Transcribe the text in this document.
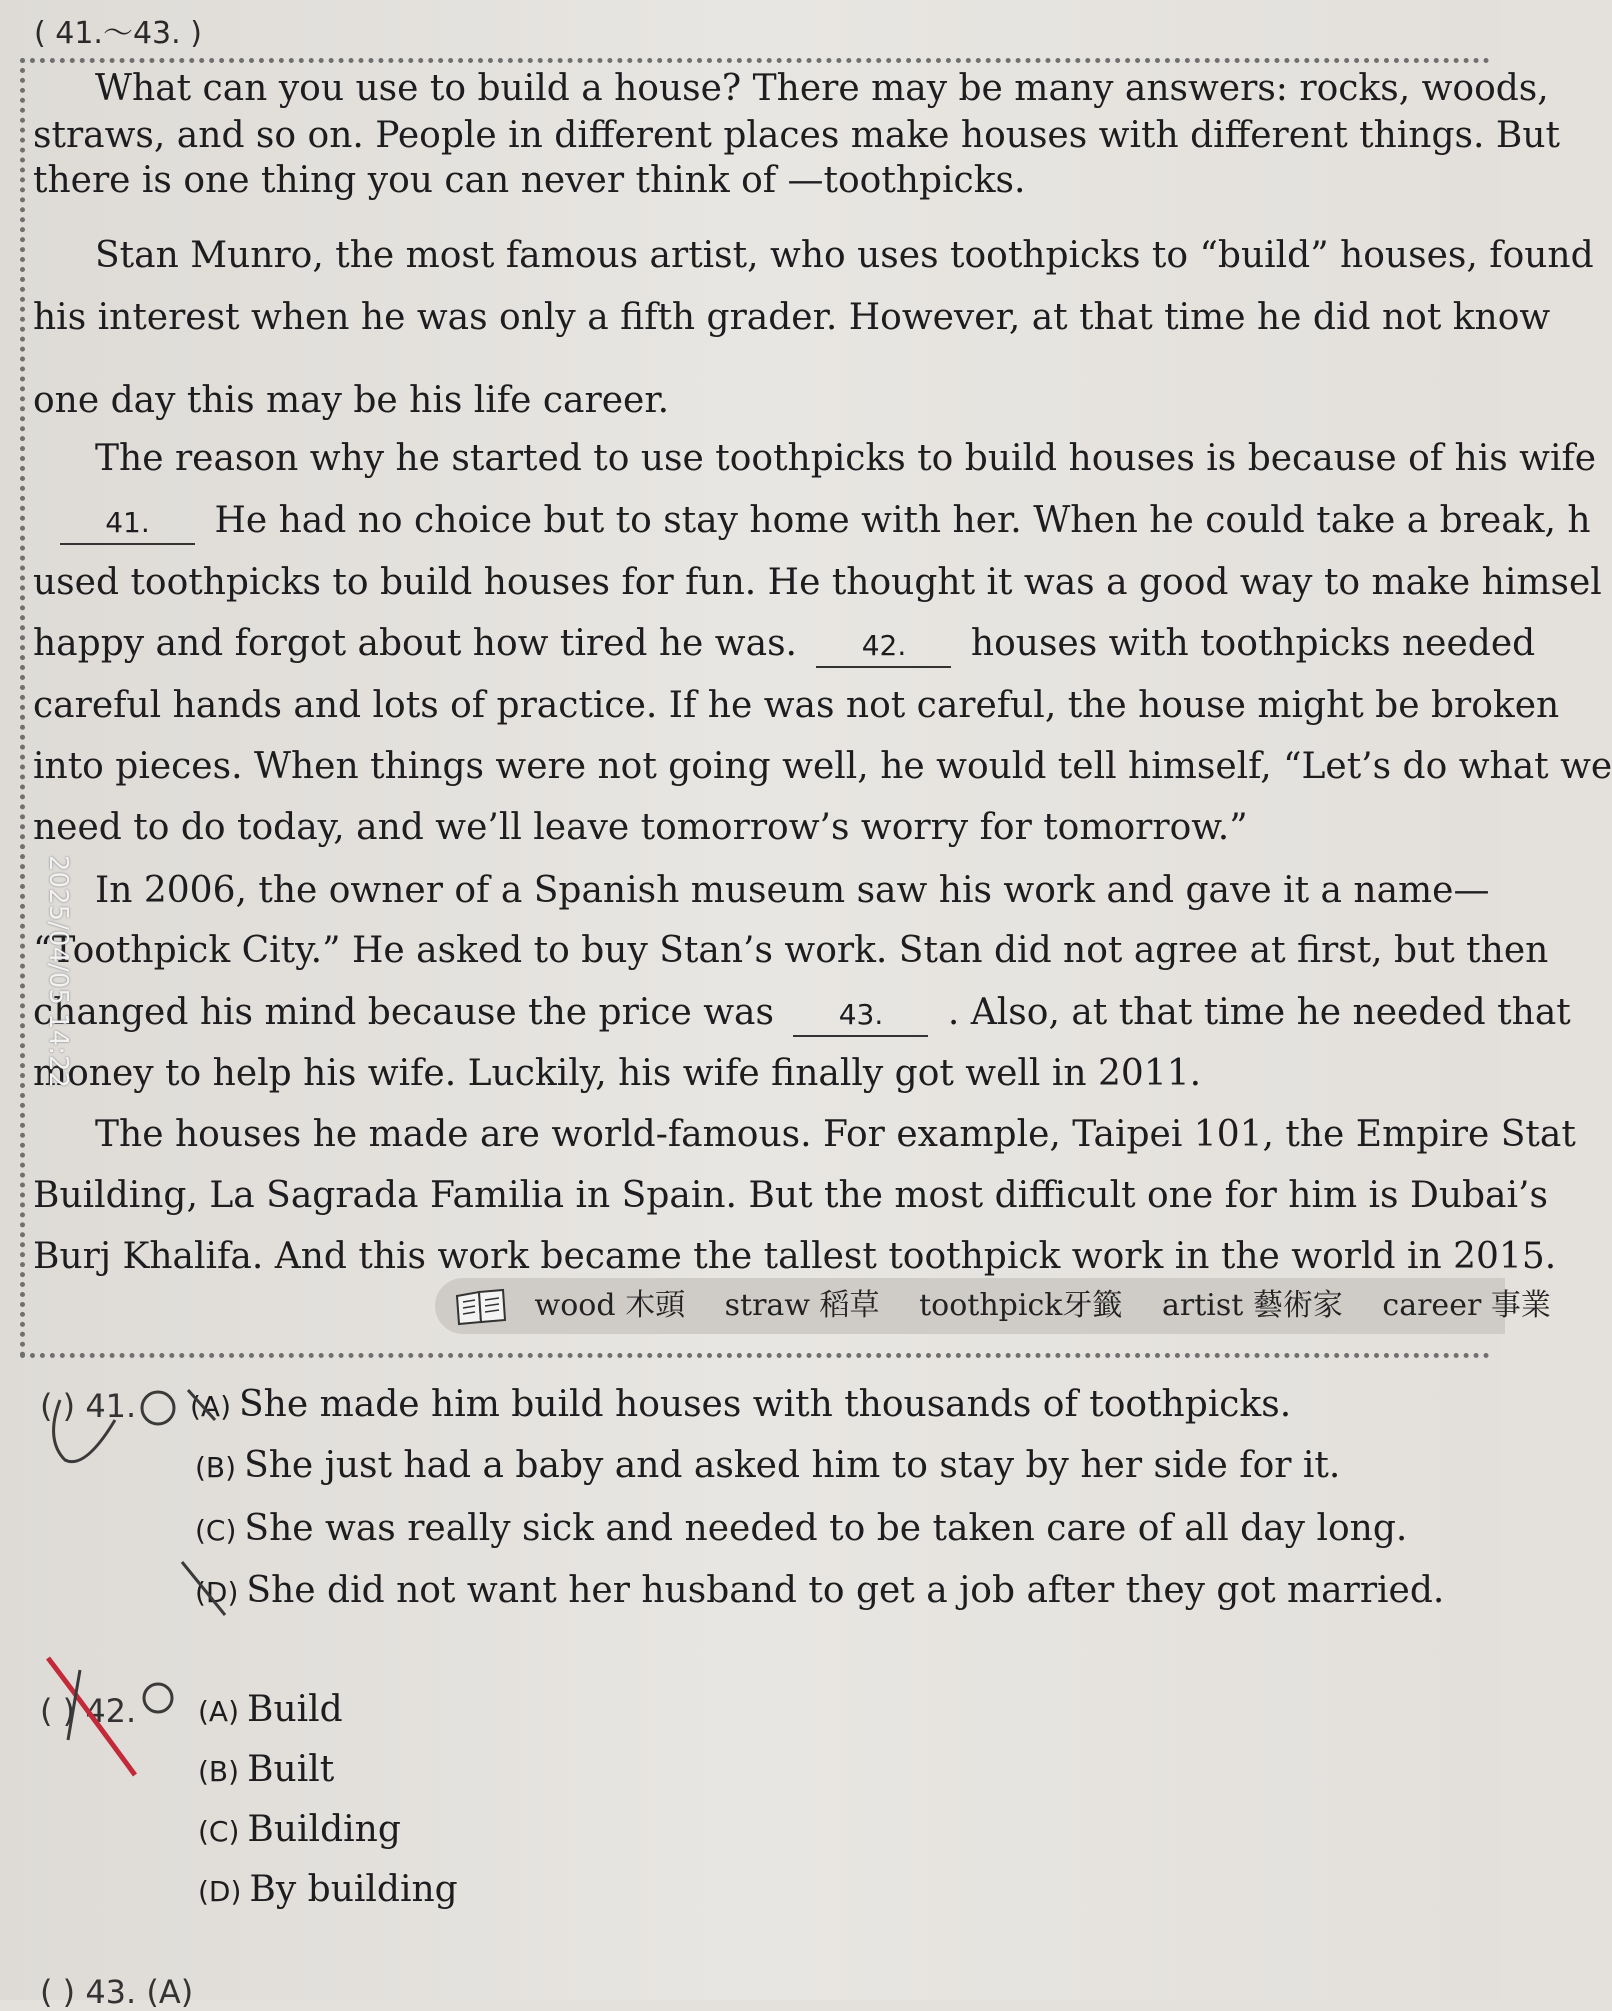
( 41.～43. )

What can you use to build a house? There may be many answers: rocks, woods,

straws, and so on. People in different places make houses with different things. But

there is one thing you can never think of —toothpicks.

Stan Munro, the most famous artist, who uses toothpicks to “build” houses, found

his interest when he was only a fifth grader. However, at that time he did not know

one day this may be his life career.

The reason why he started to use toothpicks to build houses is because of his wife

41. He had no choice but to stay home with her. When he could take a break, h

used toothpicks to build houses for fun. He thought it was a good way to make himsel

happy and forgot about how tired he was. 42. houses with toothpicks needed

careful hands and lots of practice. If he was not careful, the house might be broken

into pieces. When things were not going well, he would tell himself, “Let’s do what we

need to do today, and we’ll leave tomorrow’s worry for tomorrow.”

In 2006, the owner of a Spanish museum saw his work and gave it a name—

“Toothpick City.” He asked to buy Stan’s work. Stan did not agree at first, but then

changed his mind because the price was 43. . Also, at that time he needed that

money to help his wife. Luckily, his wife finally got well in 2011.

The houses he made are world-famous. For example, Taipei 101, the Empire Stat

Building, La Sagrada Familia in Spain. But the most difficult one for him is Dubai’s

Burj Khalifa. And this work became the tallest toothpick work in the world in 2015.

wood 木頭 straw 稻草 toothpick牙籤 artist 藝術家 career 事業
2025/04/05 14:22
( ) 41. (A) She made him build houses with thousands of toothpicks.
(B) She just had a baby and asked him to stay by her side for it.
(C) She was really sick and needed to be taken care of all day long.
(D) She did not want her husband to get a job after they got married.
( ) 42. (A) Build
(B) Built
(C) Building
(D) By building
( ) 43. (A)
